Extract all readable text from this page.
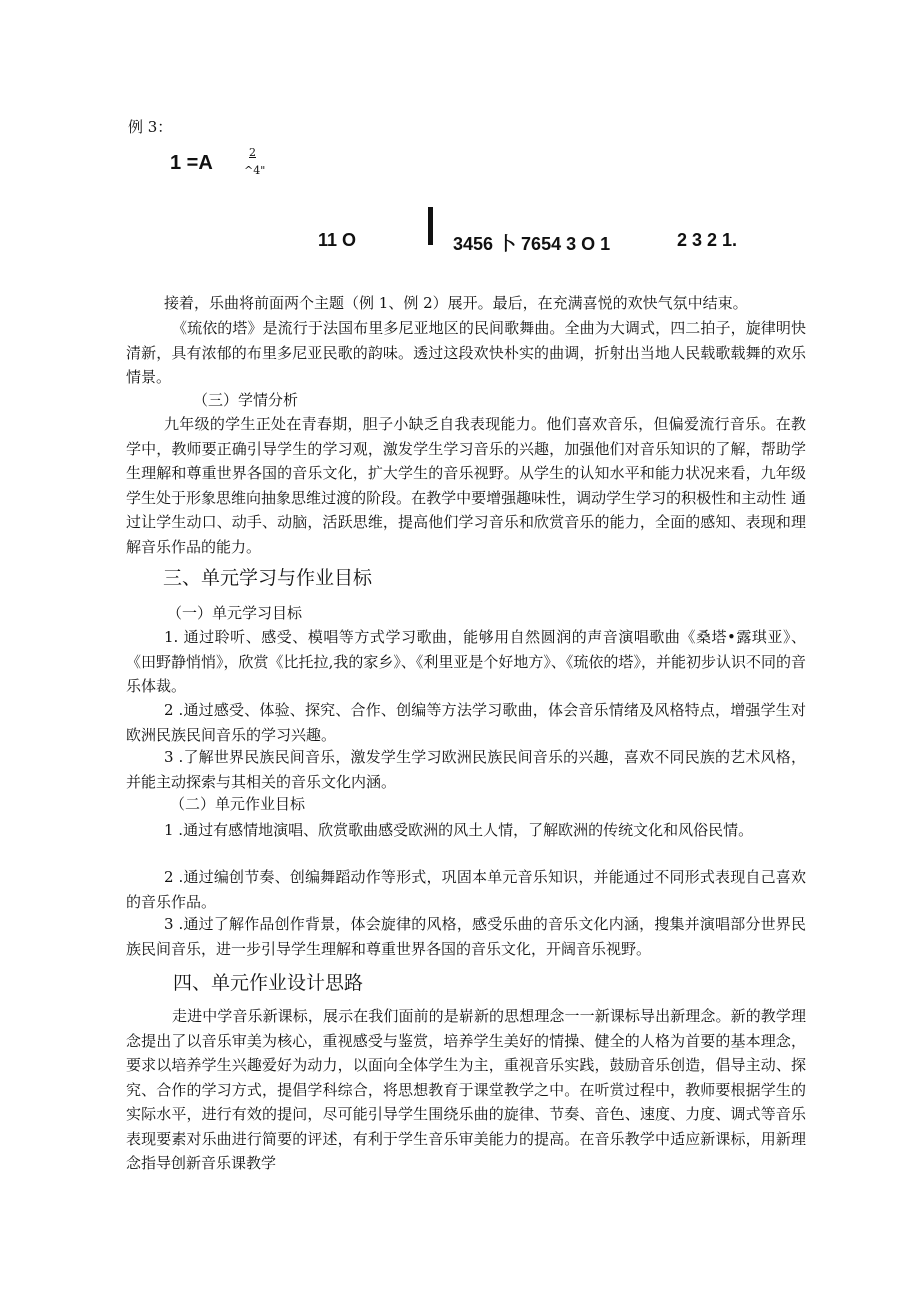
例 3：
1 =A	2
^4"
11 O	3456 卜 7654 3 O 1	2 3 2 1.

接着，乐曲将前面两个主题（例 1、例 2）展开。最后，在充满喜悦的欢快气氛中结束。

《琉依的塔》是流行于法国布里多尼亚地区的民间歌舞曲。全曲为大调式，四二拍子，旋律明快清新，具有浓郁的布里多尼亚民歌的韵味。透过这段欢快朴实的曲调，折射出当地人民载歌载舞的欢乐情景。

（三）学情分析

九年级的学生正处在青春期，胆子小缺乏自我表现能力。他们喜欢音乐，但偏爱流行音乐。在教学中，教师要正确引导学生的学习观，激发学生学习音乐的兴趣，加强他们对音乐知识的了解，帮助学生理解和尊重世界各国的音乐文化，扩大学生的音乐视野。从学生的认知水平和能力状况来看，九年级学生处于形象思维向抽象思维过渡的阶段。在教学中要增强趣味性，调动学生学习的积极性和主动性 通过让学生动口、动手、动脑，活跃思维，提高他们学习音乐和欣赏音乐的能力，全面的感知、表现和理解音乐作品的能力。

三、单元学习与作业目标
（一）单元学习目标

1. 通过聆听、感受、模唱等方式学习歌曲，能够用自然圆润的声音演唱歌曲《桑塔•露琪亚》、《田野静悄悄》，欣赏《比托拉,我的家乡》、《利里亚是个好地方》、《琉依的塔》，并能初步认识不同的音乐体裁。

2 .通过感受、体验、探究、合作、创编等方法学习歌曲，体会音乐情绪及风格特点，增强学生对欧洲民族民间音乐的学习兴趣。

3 .了解世界民族民间音乐，激发学生学习欧洲民族民间音乐的兴趣，喜欢不同民族的艺术风格，并能主动探索与其相关的音乐文化内涵。

（二）单元作业目标

1 .通过有感情地演唱、欣赏歌曲感受欧洲的风土人情，了解欧洲的传统文化和风俗民情。

2 .通过编创节奏、创编舞蹈动作等形式，巩固本单元音乐知识，并能通过不同形式表现自己喜欢的音乐作品。

3 .通过了解作品创作背景，体会旋律的风格，感受乐曲的音乐文化内涵，搜集并演唱部分世界民族民间音乐，进一步引导学生理解和尊重世界各国的音乐文化，开阔音乐视野。

四、单元作业设计思路

走进中学音乐新课标，展示在我们面前的是崭新的思想理念一一新课标导出新理念。新的教学理念提出了以音乐审美为核心，重视感受与鉴赏，培养学生美好的情操、健全的人格为首要的基本理念，要求以培养学生兴趣爱好为动力，以面向全体学生为主，重视音乐实践，鼓励音乐创造，倡导主动、探究、合作的学习方式，提倡学科综合，将思想教育于课堂教学之中。在听赏过程中，教师要根据学生的实际水平，进行有效的提问，尽可能引导学生围绕乐曲的旋律、节奏、音色、速度、力度、调式等音乐表现要素对乐曲进行简要的评述，有利于学生音乐审美能力的提高。在音乐教学中适应新课标，用新理念指导创新音乐课教学
